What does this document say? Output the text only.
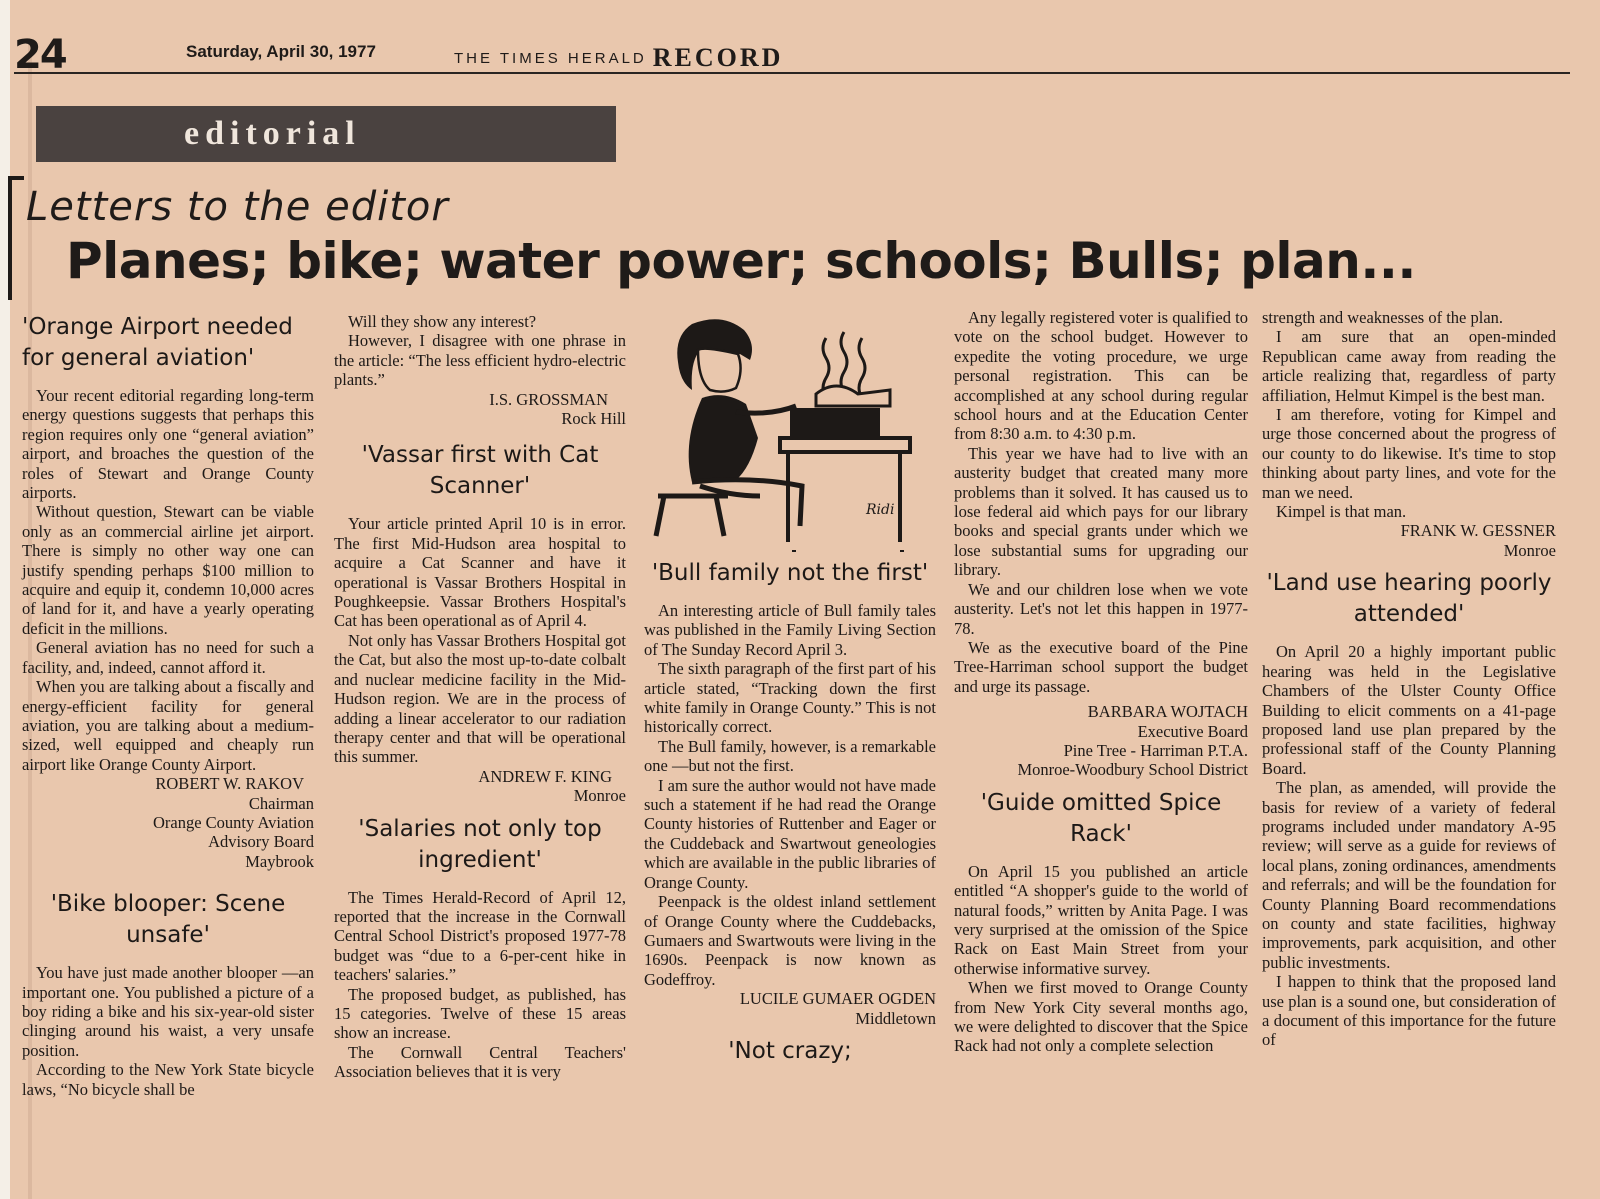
24	Saturday, April 30, 1977	THE TIMES HERALD RECORD
editorial
Letters to the editor
Planes; bike; water power; schools; Bulls; plan...
'Orange Airport needed for general aviation'

Your recent editorial regarding long-term energy questions suggests that perhaps this region requires only one “general aviation” airport, and broaches the question of the roles of Stewart and Orange County airports.

Without question, Stewart can be viable only as an commercial airline jet airport. There is simply no other way one can justify spending perhaps $100 million to acquire and equip it, condemn 10,000 acres of land for it, and have a yearly operating deficit in the millions.

General aviation has no need for such a facility, and, indeed, cannot afford it.

When you are talking about a fiscally and energy-efficient facility for general aviation, you are talking about a medium-sized, well equipped and cheaply run airport like Orange County Airport.

ROBERT W. RAKOV

Chairman

Orange County Aviation

Advisory Board

Maybrook

'Bike blooper: Scene unsafe'

You have just made another blooper —an important one. You published a picture of a boy riding a bike and his six-year-old sister clinging around his waist, a very unsafe position.

According to the New York State bicycle laws, “No bicycle shall be

Will they show any interest?

However, I disagree with one phrase in the article: “The less efficient hydro-electric plants.”

I.S. GROSSMAN

Rock Hill

'Vassar first with Cat Scanner'

Your article printed April 10 is in error. The first Mid-Hudson area hospital to acquire a Cat Scanner and have it operational is Vassar Brothers Hospital in Poughkeepsie. Vassar Brothers Hospital's Cat has been operational as of April 4.

Not only has Vassar Brothers Hospital got the Cat, but also the most up-to-date colbalt and nuclear medicine facility in the Mid-Hudson region. We are in the process of adding a linear accelerator to our radiation therapy center and that will be operational this summer.

ANDREW F. KING

Monroe

'Salaries not only top ingredient'

The Times Herald-Record of April 12, reported that the increase in the Cornwall Central School District's proposed 1977-78 budget was “due to a 6-per-cent hike in teachers' salaries.”

The proposed budget, as published, has 15 categories. Twelve of these 15 areas show an increase.

The Cornwall Central Teachers' Association believes that it is very

Ridi
'Bull family not the first'

An interesting article of Bull family tales was published in the Family Living Section of The Sunday Record April 3.

The sixth paragraph of the first part of his article stated, “Tracking down the first white family in Orange County.” This is not historically correct.

The Bull family, however, is a remarkable one —but not the first.

I am sure the author would not have made such a statement if he had read the Orange County histories of Ruttenber and Eager or the Cuddeback and Swartwout geneologies which are available in the public libraries of Orange County.

Peenpack is the oldest inland settlement of Orange County where the Cuddebacks, Gumaers and Swartwouts were living in the 1690s. Peenpack is now known as Godeffroy.

LUCILE GUMAER OGDEN

Middletown

'Not crazy;

Any legally registered voter is qualified to vote on the school budget. However to expedite the voting procedure, we urge personal registration. This can be accomplished at any school during regular school hours and at the Education Center from 8:30 a.m. to 4:30 p.m.

This year we have had to live with an austerity budget that created many more problems than it solved. It has caused us to lose federal aid which pays for our library books and special grants under which we lose substantial sums for upgrading our library.

We and our children lose when we vote austerity. Let's not let this happen in 1977-78.

We as the executive board of the Pine Tree-Harriman school support the budget and urge its passage.

BARBARA WOJTACH

Executive Board

Pine Tree - Harriman P.T.A.

Monroe-Woodbury School District

'Guide omitted Spice Rack'

On April 15 you published an article entitled “A shopper's guide to the world of natural foods,” written by Anita Page. I was very surprised at the omission of the Spice Rack on East Main Street from your otherwise informative survey.

When we first moved to Orange County from New York City several months ago, we were delighted to discover that the Spice Rack had not only a complete selection

strength and weaknesses of the plan.

I am sure that an open-minded Republican came away from reading the article realizing that, regardless of party affiliation, Helmut Kimpel is the best man.

I am therefore, voting for Kimpel and urge those concerned about the progress of our county to do likewise. It's time to stop thinking about party lines, and vote for the man we need.

Kimpel is that man.

FRANK W. GESSNER

Monroe

'Land use hearing poorly attended'

On April 20 a highly important public hearing was held in the Legislative Chambers of the Ulster County Office Building to elicit comments on a 41-page proposed land use plan prepared by the professional staff of the County Planning Board.

The plan, as amended, will provide the basis for review of a variety of federal programs included under mandatory A-95 review; will serve as a guide for reviews of local plans, zoning ordinances, amendments and referrals; and will be the foundation for County Planning Board recommendations on county and state facilities, highway improvements, park acquisition, and other public investments.

I happen to think that the proposed land use plan is a sound one, but consideration of a document of this importance for the future of
